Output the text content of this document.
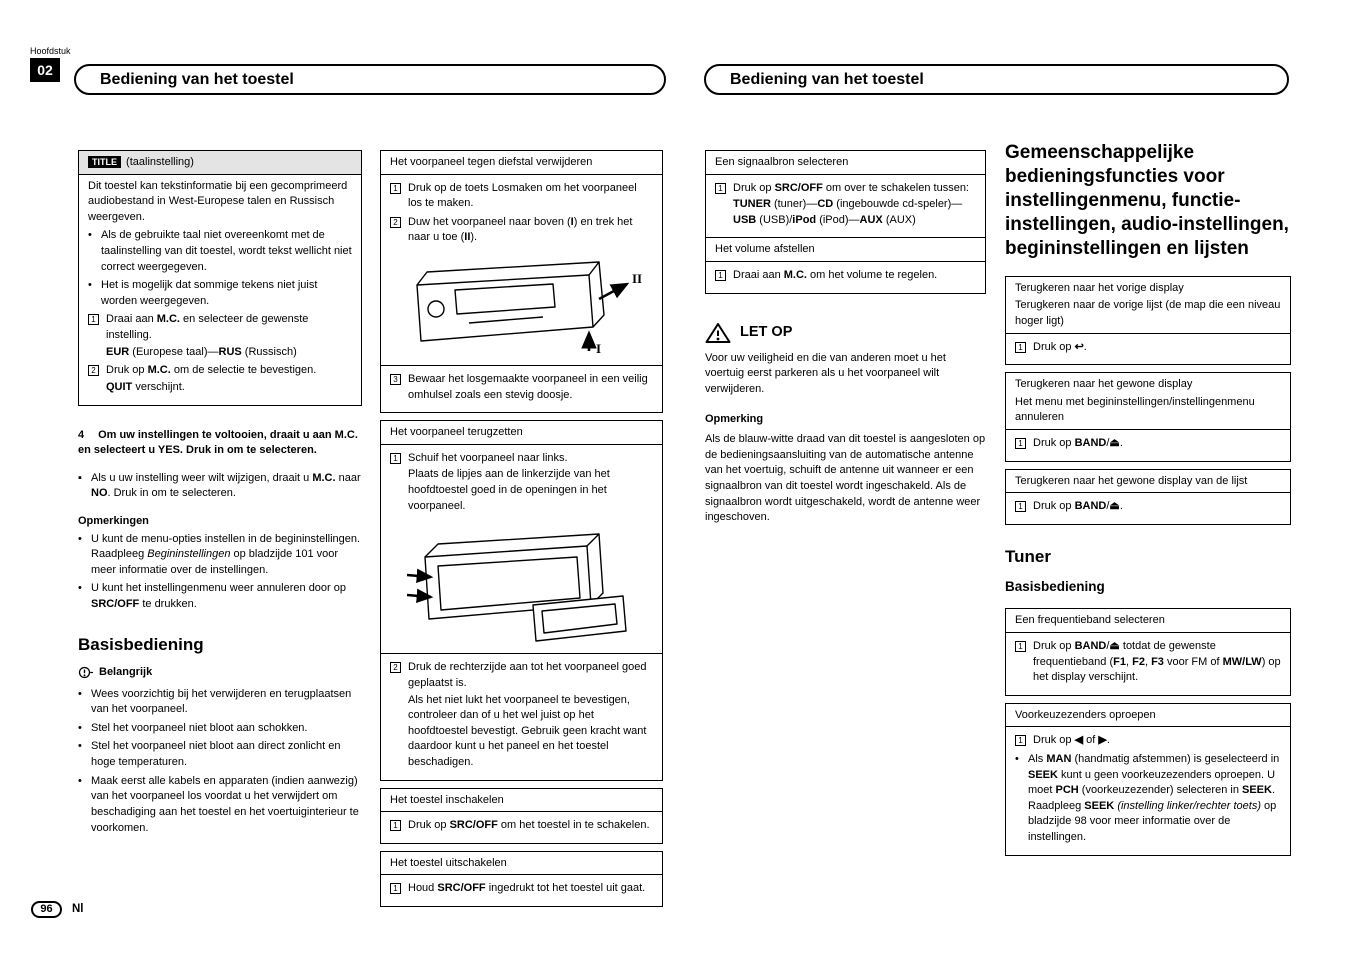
Hoofdstuk
02
Bediening van het toestel	Bediening van het toestel
TITLE (taalinstelling)

Dit toestel kan tekstinformatie bij een gecomprimeerd audiobestand in West-Europese talen en Russisch weergeven.

• Als de gebruikte taal niet overeenkomt met de taalinstelling van dit toestel, wordt tekst wellicht niet correct weergegeven.
• Het is mogelijk dat sommige tekens niet juist worden weergegeven.
1 Draai aan M.C. en selecteer de gewenste instelling.
EUR (Europese taal)—RUS (Russisch)
2 Druk op M.C. om de selectie te bevestigen.
QUIT verschijnt.

4 Om uw instellingen te voltooien, draait u aan M.C. en selecteert u YES. Druk in om te selecteren.

▪ Als u uw instelling weer wilt wijzigen, draait u M.C. naar NO. Druk in om te selecteren.

Opmerkingen

• U kunt de menu-opties instellen in de begininstellingen. Raadpleeg Begininstellingen op bladzijde 101 voor meer informatie over de instellingen.
• U kunt het instellingenmenu weer annuleren door op SRC/OFF te drukken.
Basisbediening
Belangrijk
• Wees voorzichtig bij het verwijderen en terugplaatsen van het voorpaneel.
• Stel het voorpaneel niet bloot aan schokken.
• Stel het voorpaneel niet bloot aan direct zonlicht en hoge temperaturen.
• Maak eerst alle kabels en apparaten (indien aanwezig) van het voorpaneel los voordat u het verwijdert om beschadiging aan het toestel en het voertuiginterieur te voorkomen.
Het voorpaneel tegen diefstal verwijderen
1 Druk op de toets Losmaken om het voorpaneel los te maken.
2 Duw het voorpaneel naar boven (I) en trek het naar u toe (II).
II
I
3 Bewaar het losgemaakte voorpaneel in een veilig omhulsel zoals een stevig doosje.
Het voorpaneel terugzetten
1 Schuif het voorpaneel naar links.
Plaats de lipjes aan de linkerzijde van het hoofdtoestel goed in de openingen in het voorpaneel.
2 Druk de rechterzijde aan tot het voorpaneel goed geplaatst is.
Als het niet lukt het voorpaneel te bevestigen, controleer dan of u het wel juist op het hoofdtoestel bevestigt. Gebruik geen kracht want daardoor kunt u het paneel en het toestel beschadigen.
Het toestel inschakelen
1 Druk op SRC/OFF om het toestel in te schakelen.
Het toestel uitschakelen
1 Houd SRC/OFF ingedrukt tot het toestel uit gaat.
Een signaalbron selecteren
1 Druk op SRC/OFF om over te schakelen tussen:
TUNER (tuner)—CD (ingebouwde cd-speler)—USB (USB)/iPod (iPod)—AUX (AUX)
Het volume afstellen
1 Draai aan M.C. om het volume te regelen.
LET OP

Voor uw veiligheid en die van anderen moet u het voertuig eerst parkeren als u het voorpaneel wilt verwijderen.

Opmerking

Als de blauw-witte draad van dit toestel is aangesloten op de bedieningsaansluiting van de automatische antenne van het voertuig, schuift de antenne uit wanneer er een signaalbron van dit toestel wordt ingeschakeld. Als de signaalbron wordt uitgeschakeld, wordt de antenne weer ingeschoven.

Gemeenschappelijke bedieningsfuncties voor instellingenmenu, functie-instellingen, audio-instellingen, begininstellingen en lijsten
Terugkeren naar het vorige display
Terugkeren naar de vorige lijst (de map die een niveau hoger ligt)
1 Druk op ↩.
Terugkeren naar het gewone display
Het menu met begininstellingen/instellingenmenu annuleren
1 Druk op BAND/⏏.
Terugkeren naar het gewone display van de lijst
1 Druk op BAND/⏏.
Tuner
Basisbediening
Een frequentieband selecteren
1 Druk op BAND/⏏ totdat de gewenste frequentieband (F1, F2, F3 voor FM of MW/LW) op het display verschijnt.
Voorkeuzezenders oproepen
1 Druk op ◀ of ▶.
• Als MAN (handmatig afstemmen) is geselecteerd in SEEK kunt u geen voorkeuzezenders oproepen. U moet PCH (voorkeuzezender) selecteren in SEEK. Raadpleeg SEEK (instelling linker/rechter toets) op bladzijde 98 voor meer informatie over de instellingen.
96	Nl
